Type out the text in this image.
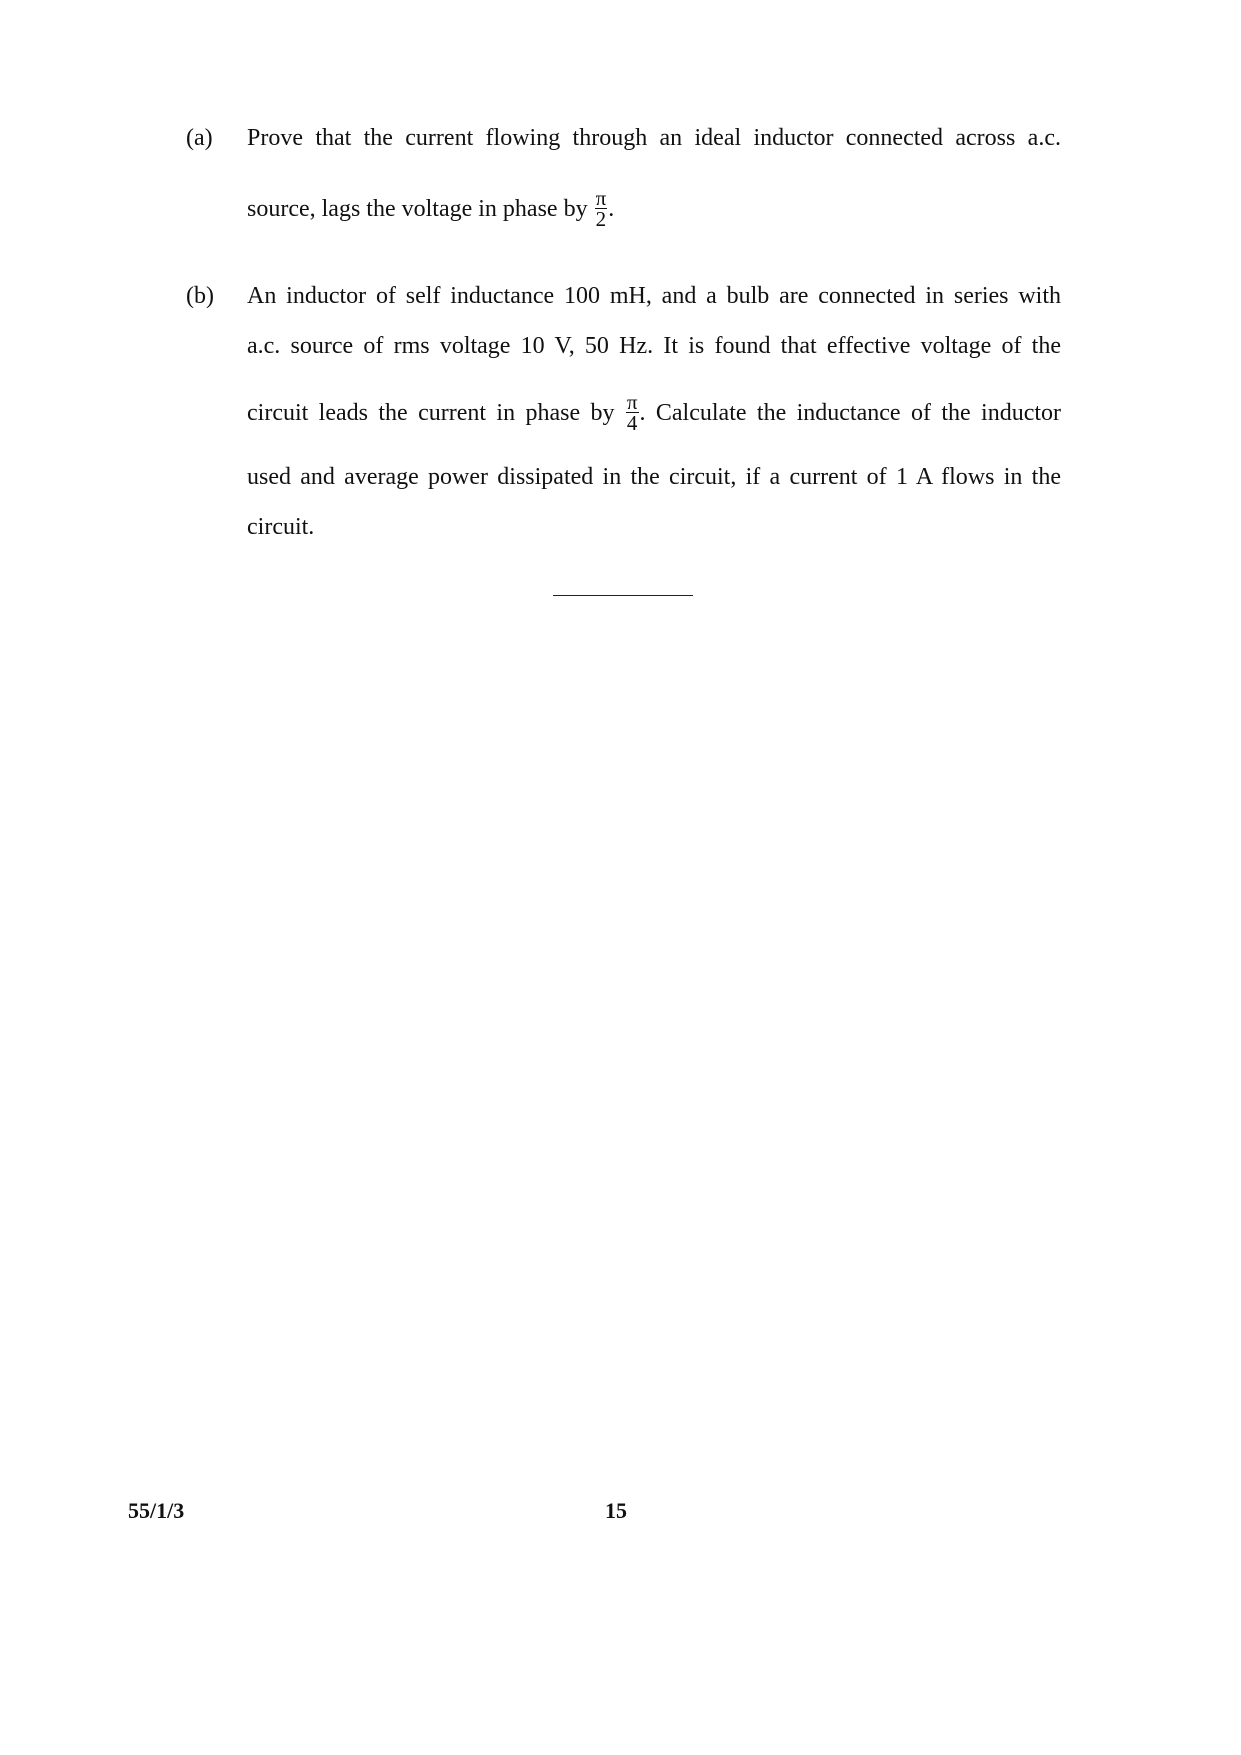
(a) Prove that the current flowing through an ideal inductor connected across a.c.
source, lags the voltage in phase by $\frac{\pi}{2}$ .
(b) An inductor of self inductance 100 mH, and a bulb are connected in series with
a.c. source of rms voltage 10 V, 50 Hz. It is found that effective voltage of the
circuit leads the current in phase by $\frac{\pi}{4}$ . Calculate the inductance of the inductor
used and average power dissipated in the circuit, if a current of 1 A flows in the
circuit.
55/1/3	15
